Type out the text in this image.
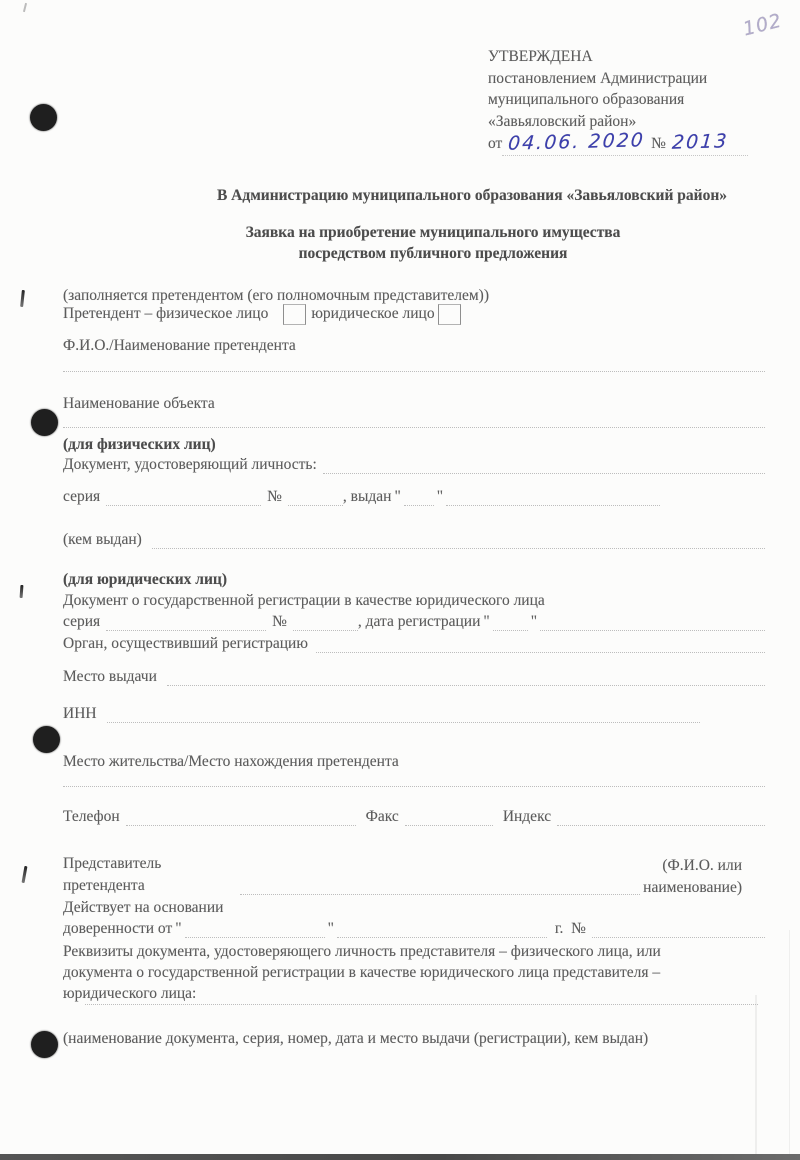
102
УТВЕРЖДЕНА
постановлением Администрации
муниципального образования
«Завьяловский район»
от 04.06. 2020 № 2013
В Администрацию муниципального образования «Завьяловский район»
Заявка на приобретение муниципального имущества
посредством публичного предложения
(заполняется претендентом (его полномочным представителем))
Претендент – физическое лицо	юридическое лицо
Ф.И.О./Наименование претендента
Наименование объекта
(для физических лиц)
Документ, удостоверяющий личность:
серия	№	, выдан " "
(кем выдан)
(для юридических лиц)
Документ о государственной регистрации в качестве юридического лица
серия	№	, дата регистрации "	"
Орган, осуществивший регистрацию
Место выдачи
ИНН
Место жительства/Место нахождения претендента
Телефон	Факс	Индекс
Представитель
претендента
(Ф.И.О. или
наименование)
Действует на основании
доверенности от "	"	г.  №
Реквизиты документа, удостоверяющего личность представителя – физического лица, или
документа о государственной регистрации в качестве юридического лица представителя –
юридического лица:
(наименование документа, серия, номер, дата и место выдачи (регистрации), кем выдан)
